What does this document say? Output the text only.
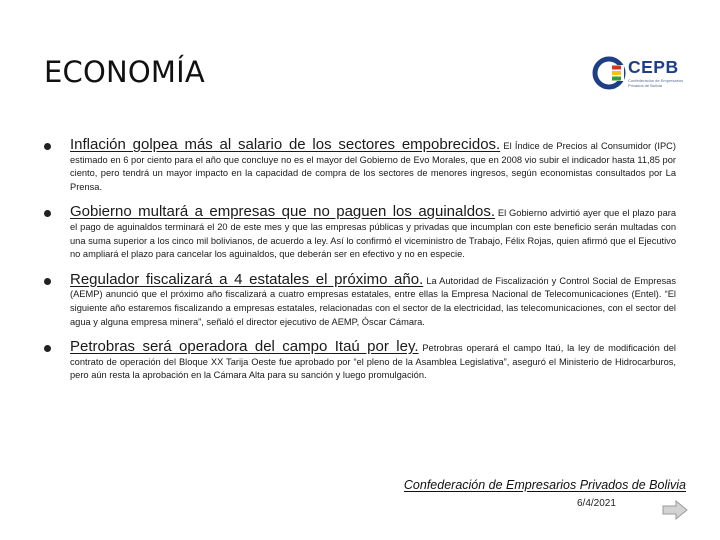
ECONOMÍA	CEPB
Confederación de Empresarios Privados de Bolivia

Inflación golpea más al salario de los sectores empobrecidos. El Índice de Precios al Consumidor (IPC) estimado en 6 por ciento para el año que concluye no es el mayor del Gobierno de Evo Morales, que en 2008 vio subir el indicador hasta 11,85 por ciento, pero tendrá un mayor impacto en la capacidad de compra de los sectores de menores ingresos, según economistas consultados por La Prensa.

Gobierno multará a empresas que no paguen los aguinaldos. El Gobierno advirtió ayer que el plazo para el pago de aguinaldos terminará el 20 de este mes y que las empresas públicas y privadas que incumplan con este beneficio serán multadas con una suma superior a los cinco mil bolivianos, de acuerdo a ley. Así lo confirmó el viceministro de Trabajo, Félix Rojas, quien afirmó que el Ejecutivo no ampliará el plazo para cancelar los aguinaldos, que deberán ser en efectivo y no en especie.

Regulador fiscalizará a 4 estatales el próximo año. La Autoridad de Fiscalización y Control Social de Empresas (AEMP) anunció que el próximo año fiscalizará a cuatro empresas estatales, entre ellas la Empresa Nacional de Telecomunicaciones (Entel). “El siguiente año estaremos fiscalizando a empresas estatales, relacionadas con el sector de la electricidad, las telecomunicaciones, con el sector del agua y alguna empresa minera”, señaló el director ejecutivo de AEMP, Óscar Cámara.

Petrobras será operadora del campo Itaú por ley. Petrobras operará el campo Itaú, la ley de modificación del contrato de operación del Bloque XX Tarija Oeste fue aprobado por “el pleno de la Asamblea Legislativa”, aseguró el Ministerio de Hidrocarburos, pero aún resta la aprobación en la Cámara Alta para su sanción y luego promulgación.

Confederación de Empresarios Privados de Bolivia
6/4/2021
